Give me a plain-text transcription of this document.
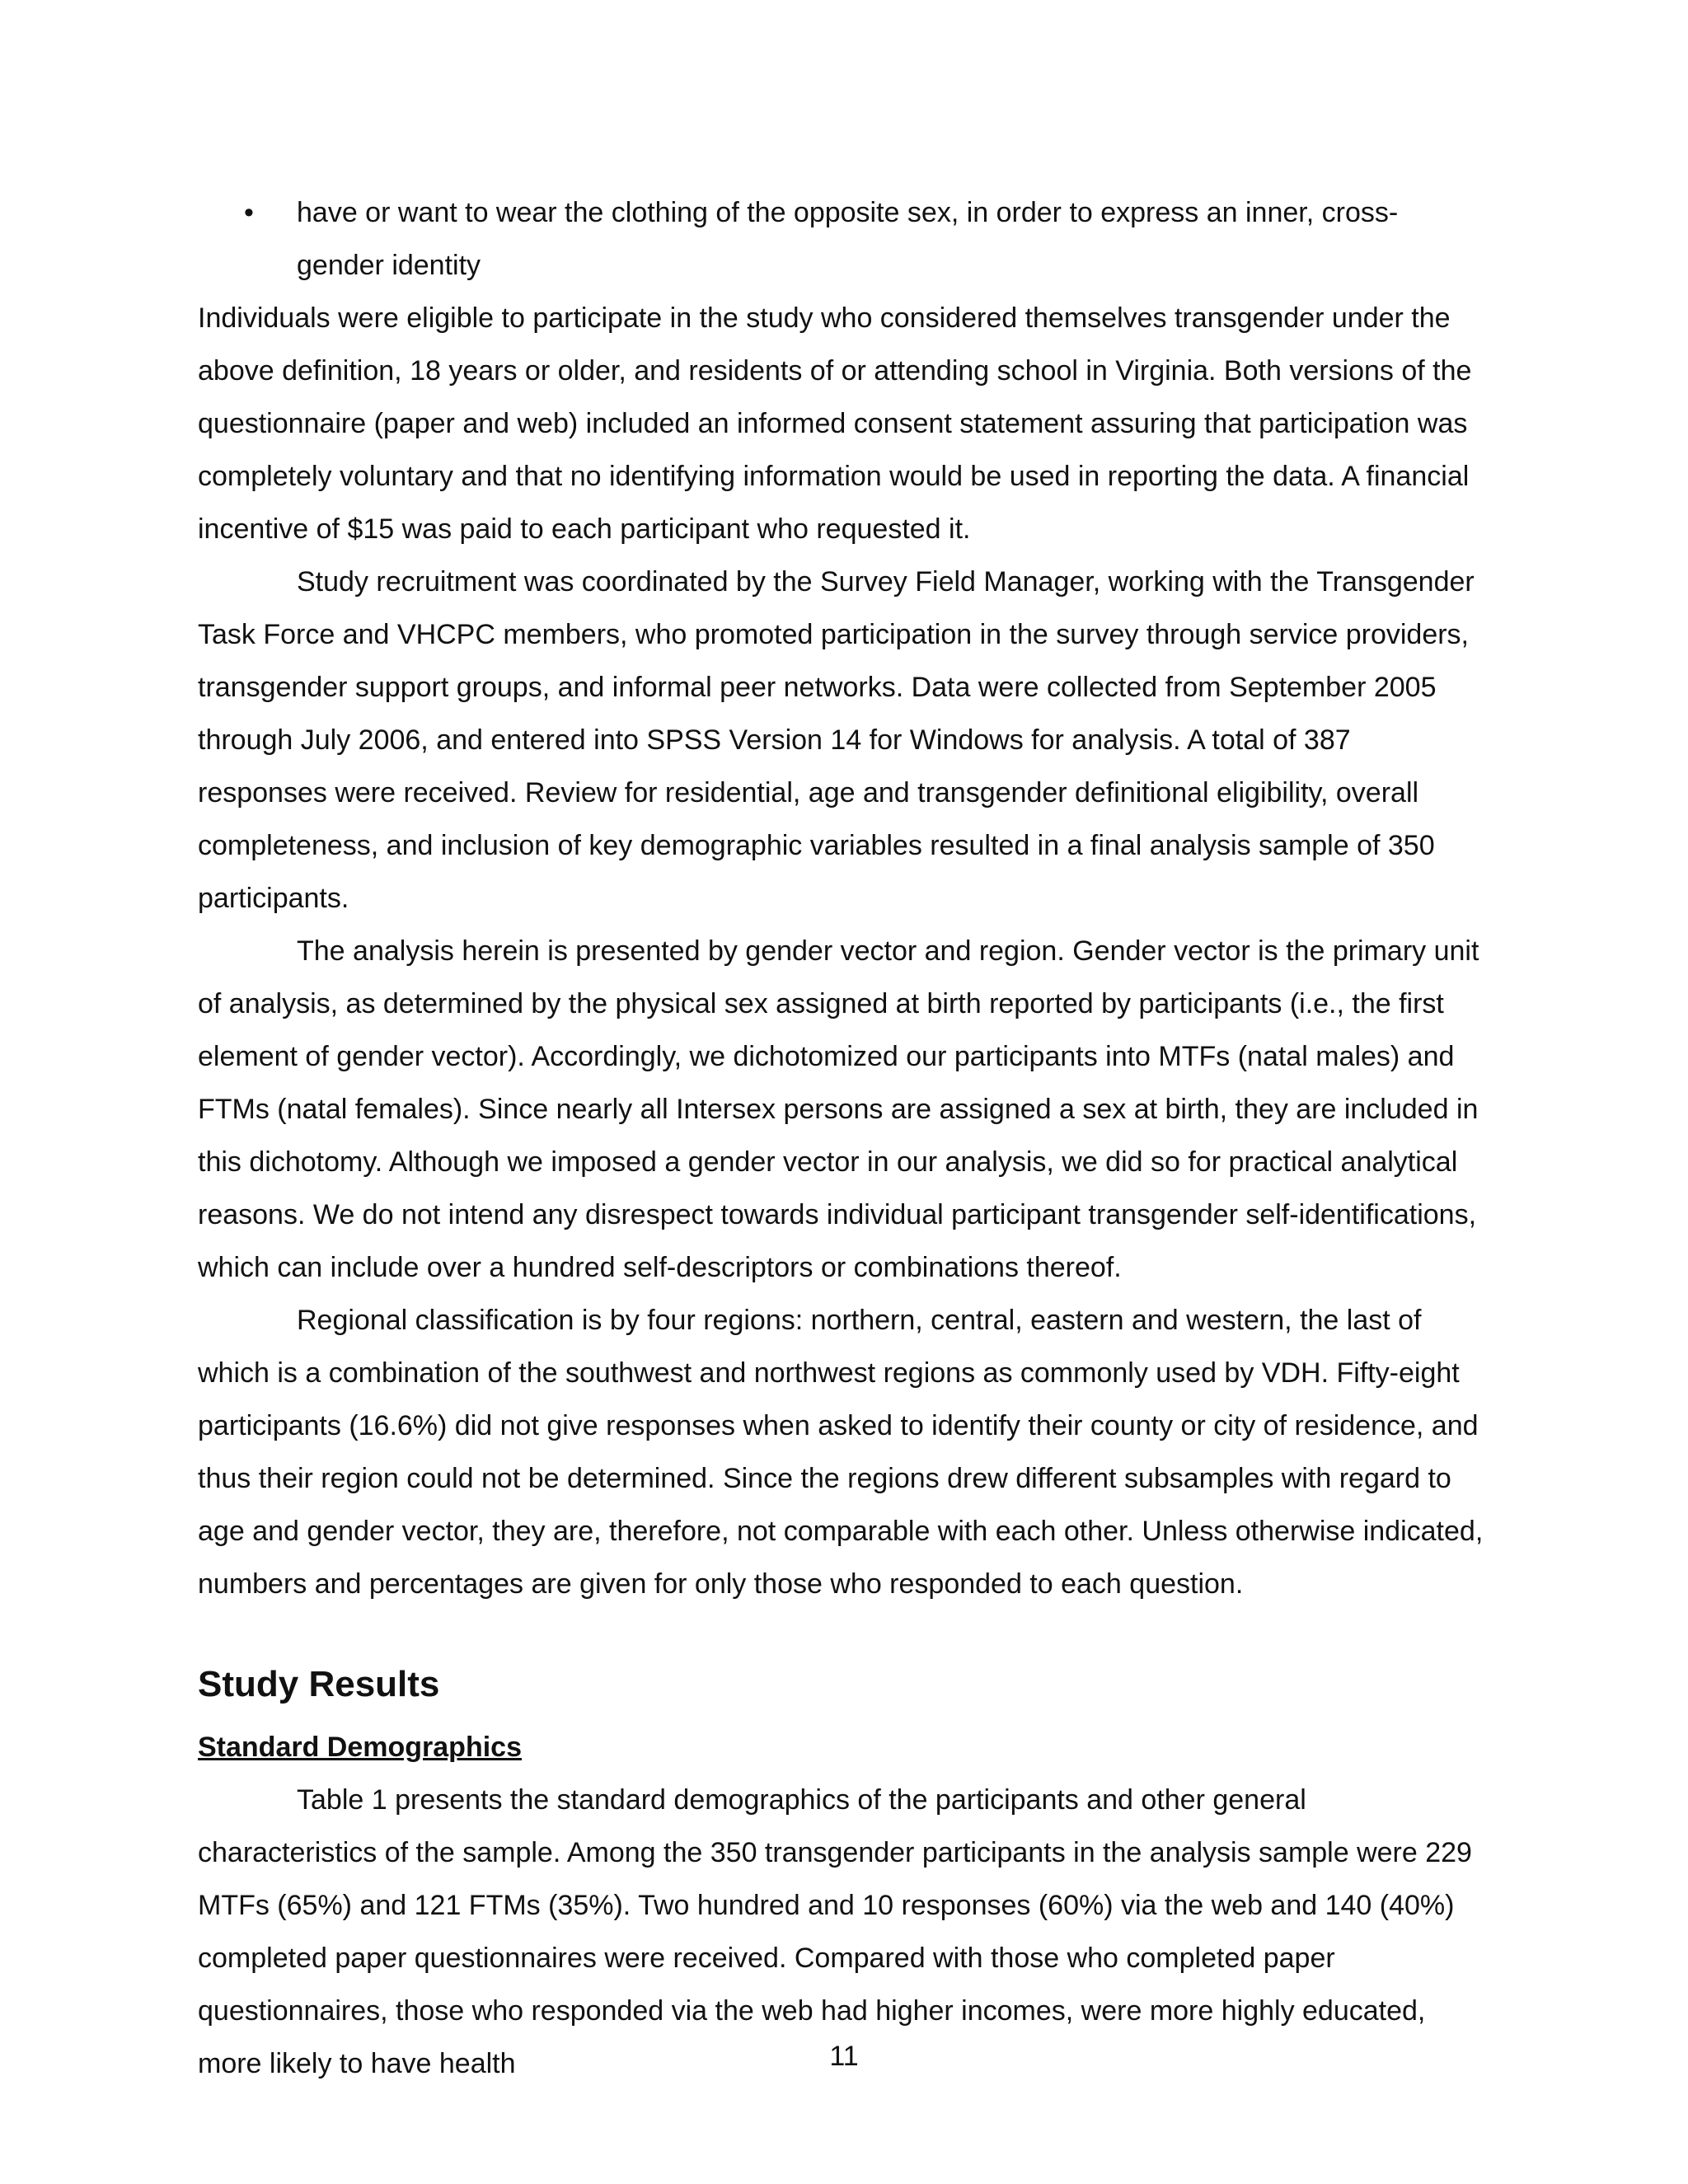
•	have or want to wear the clothing of the opposite sex, in order to express an inner, cross-gender identity

Individuals were eligible to participate in the study who considered themselves transgender under the above definition, 18 years or older, and residents of or attending school in Virginia. Both versions of the questionnaire (paper and web) included an informed consent statement assuring that participation was completely voluntary and that no identifying information would be used in reporting the data. A financial incentive of $15 was paid to each participant who requested it.

Study recruitment was coordinated by the Survey Field Manager, working with the Transgender Task Force and VHCPC members, who promoted participation in the survey through service providers, transgender support groups, and informal peer networks. Data were collected from September 2005 through July 2006, and entered into SPSS Version 14 for Windows for analysis. A total of 387 responses were received. Review for residential, age and transgender definitional eligibility, overall completeness, and inclusion of key demographic variables resulted in a final analysis sample of 350 participants.

The analysis herein is presented by gender vector and region. Gender vector is the primary unit of analysis, as determined by the physical sex assigned at birth reported by participants (i.e., the first element of gender vector). Accordingly, we dichotomized our participants into MTFs (natal males) and FTMs (natal females). Since nearly all Intersex persons are assigned a sex at birth, they are included in this dichotomy. Although we imposed a gender vector in our analysis, we did so for practical analytical reasons. We do not intend any disrespect towards individual participant transgender self-identifications, which can include over a hundred self-descriptors or combinations thereof.

Regional classification is by four regions: northern, central, eastern and western, the last of which is a combination of the southwest and northwest regions as commonly used by VDH. Fifty-eight participants (16.6%) did not give responses when asked to identify their county or city of residence, and thus their region could not be determined. Since the regions drew different subsamples with regard to age and gender vector, they are, therefore, not comparable with each other. Unless otherwise indicated, numbers and percentages are given for only those who responded to each question.

Study Results
Standard Demographics

Table 1 presents the standard demographics of the participants and other general characteristics of the sample. Among the 350 transgender participants in the analysis sample were 229 MTFs (65%) and 121 FTMs (35%). Two hundred and 10 responses (60%) via the web and 140 (40%) completed paper questionnaires were received. Compared with those who completed paper questionnaires, those who responded via the web had higher incomes, were more highly educated, more likely to have health	11
